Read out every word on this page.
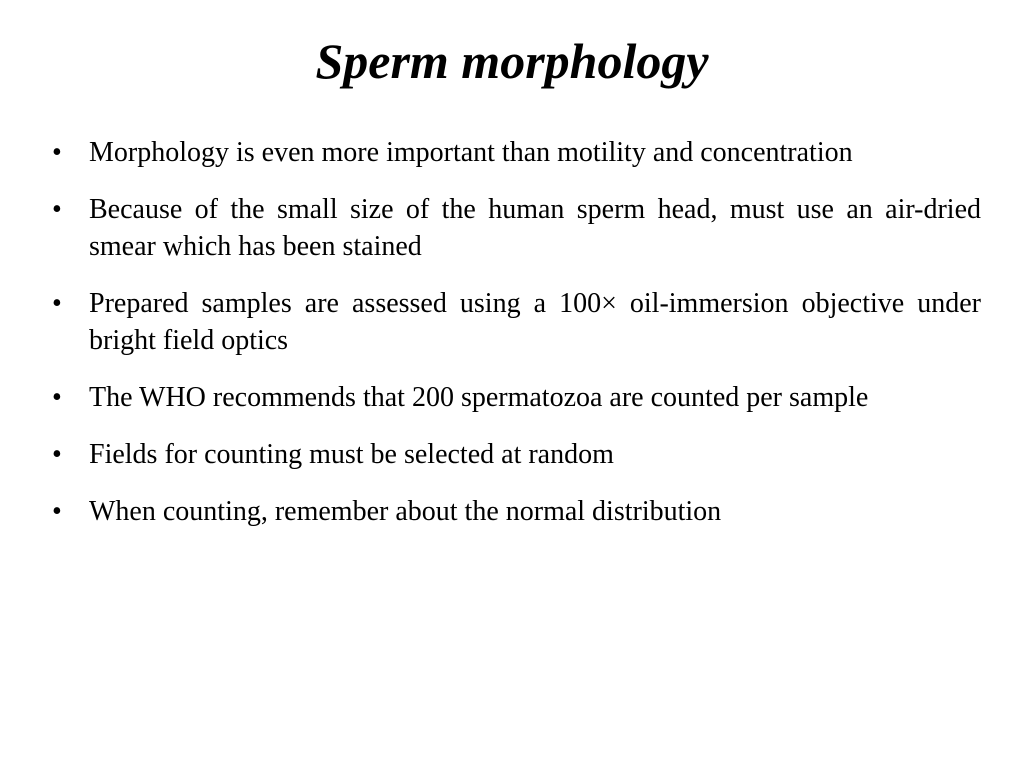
Sperm morphology
• Morphology is even more important than motility and concentration
• Because of the small size of the human sperm head, must use an air-dried smear which has been stained
• Prepared samples are assessed using a 100× oil-immersion objective under bright field optics
• The WHO recommends that 200 spermatozoa are counted per sample
• Fields for counting must be selected at random
• When counting, remember about the normal distribution
